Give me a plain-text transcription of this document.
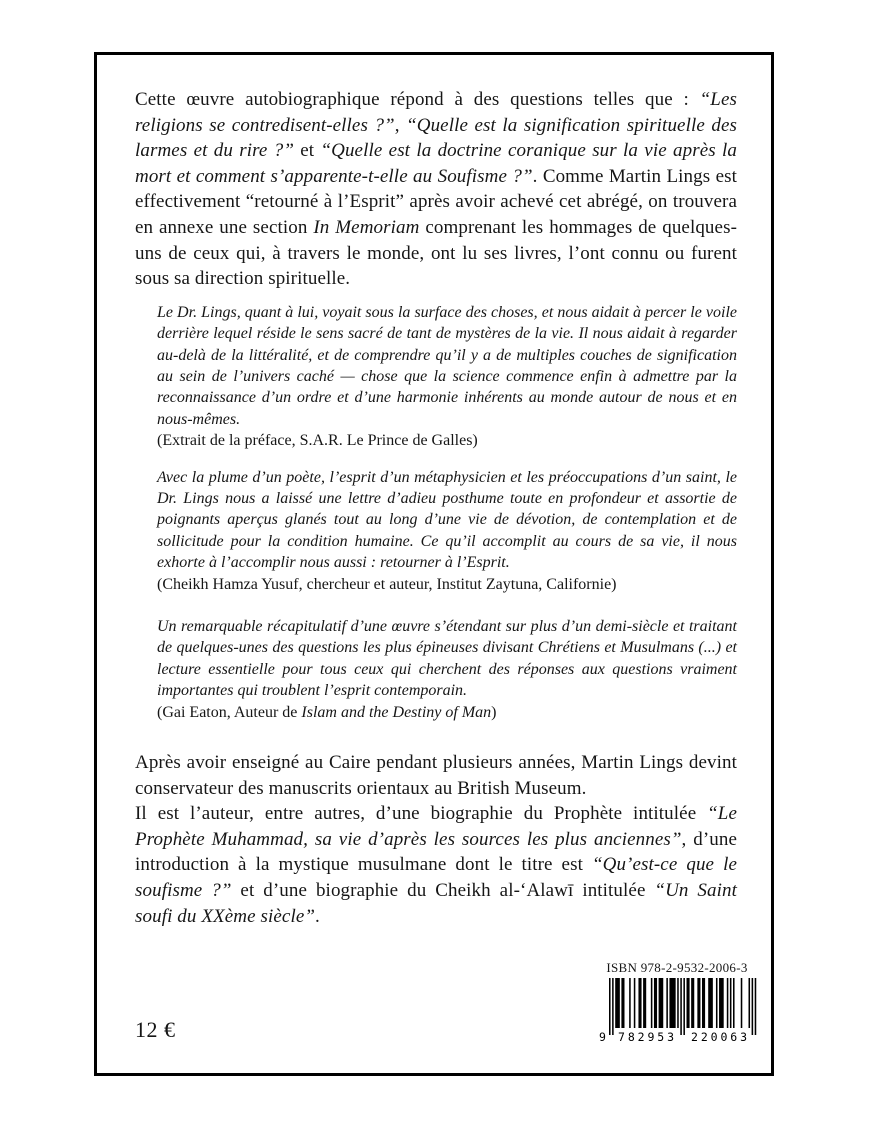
Cette œuvre autobiographique répond à des questions telles que : “Les religions se contredisent-elles ?”, “Quelle est la signification spirituelle des larmes et du rire ?” et “Quelle est la doctrine coranique sur la vie après la mort et comment s’apparente-t-elle au Soufisme ?”. Comme Martin Lings est effectivement “retourné à l’Esprit” après avoir achevé cet abrégé, on trouvera en annexe une section In Memoriam comprenant les hommages de quelques-uns de ceux qui, à travers le monde, ont lu ses livres, l’ont connu ou furent sous sa direction spirituelle.

Le Dr. Lings, quant à lui, voyait sous la surface des choses, et nous aidait à percer le voile derrière lequel réside le sens sacré de tant de mystères de la vie. Il nous aidait à regarder au-delà de la littéralité, et de comprendre qu’il y a de multiples couches de signification au sein de l’univers caché — chose que la science commence enfin à admettre par la reconnaissance d’un ordre et d’une harmonie inhérents au monde autour de nous et en nous-mêmes.

(Extrait de la préface, S.A.R. Le Prince de Galles)

Avec la plume d’un poète, l’esprit d’un métaphysicien et les préoccupations d’un saint, le Dr. Lings nous a laissé une lettre d’adieu posthume toute en profondeur et assortie de poignants aperçus glanés tout au long d’une vie de dévotion, de contemplation et de sollicitude pour la condition humaine. Ce qu’il accomplit au cours de sa vie, il nous exhorte à l’accomplir nous aussi : retourner à l’Esprit.

(Cheikh Hamza Yusuf, chercheur et auteur, Institut Zaytuna, Californie)

Un remarquable récapitulatif d’une œuvre s’étendant sur plus d’un demi-siècle et traitant de quelques-unes des questions les plus épineuses divisant Chrétiens et Musulmans (...) et lecture essentielle pour tous ceux qui cherchent des réponses aux questions vraiment importantes qui troublent l’esprit contemporain.

(Gai Eaton, Auteur de Islam and the Destiny of Man)

Après avoir enseigné au Caire pendant plusieurs années, Martin Lings devint conservateur des manuscrits orientaux au British Museum.

Il est l’auteur, entre autres, d’une biographie du Prophète intitulée “Le Prophète Muhammad, sa vie d’après les sources les plus anciennes”, d’une introduction à la mystique musulmane dont le titre est “Qu’est-ce que le soufisme ?” et d’une biographie du Cheikh al-‘Alawī intitulée “Un Saint soufi du XXème siècle”.

12 €
ISBN 978-2-9532-2006-3
9 782953 220063
